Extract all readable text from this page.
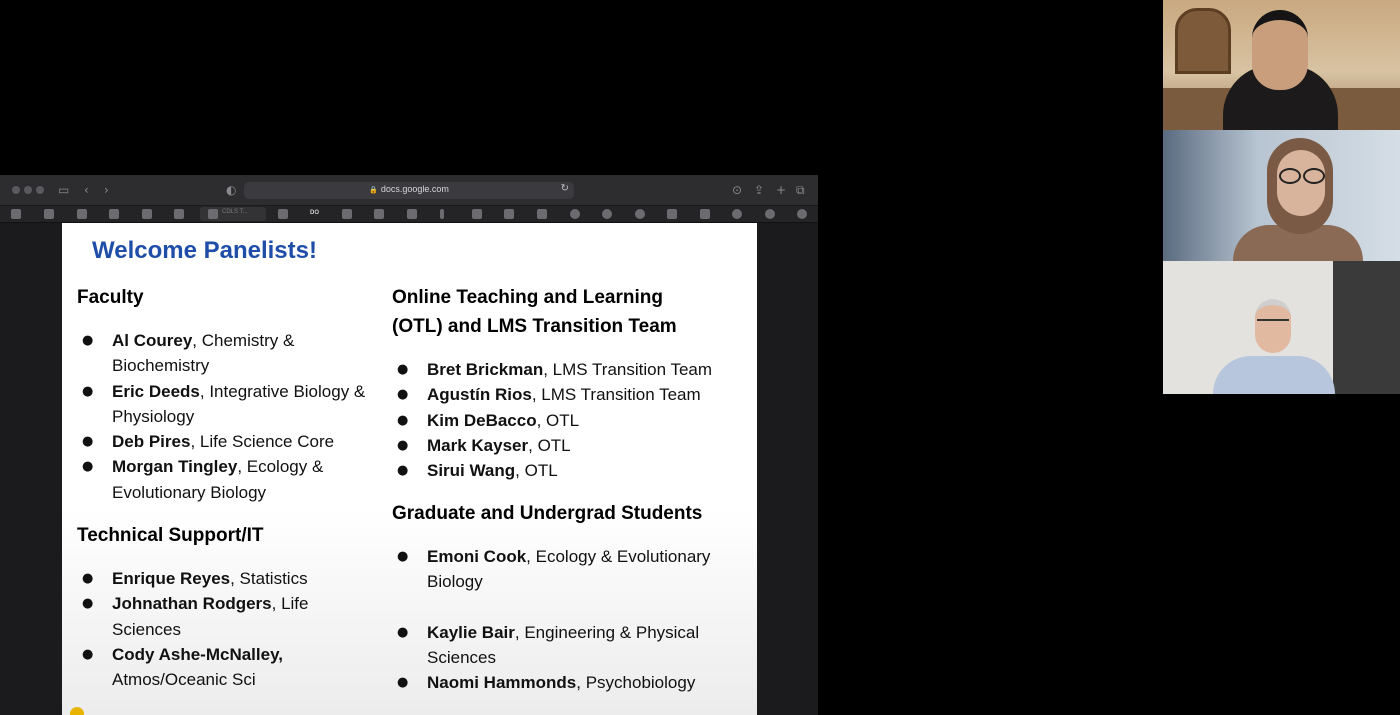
▭ ‹ ›	◐	🔒 docs.google.com	↻	⊙ ⇪ + ⧉
CDLS T...	DO
Welcome Panelists!
Faculty
● Al Courey, Chemistry & Biochemistry
● Eric Deeds, Integrative Biology & Physiology
● Deb Pires, Life Science Core
● Morgan Tingley, Ecology & Evolutionary Biology
Technical Support/IT
● Enrique Reyes, Statistics
● Johnathan Rodgers, Life Sciences
● Cody Ashe-McNalley, Atmos/Oceanic Sci
Online Teaching and Learning
(OTL) and LMS Transition Team
● Bret Brickman, LMS Transition Team
● Agustín Rios, LMS Transition Team
● Kim DeBacco, OTL
● Mark Kayser, OTL
● Sirui Wang, OTL
Graduate and Undergrad Students
● Emoni Cook, Ecology & Evolutionary Biology
● Kaylie Bair, Engineering & Physical Sciences
● Naomi Hammonds, Psychobiology
